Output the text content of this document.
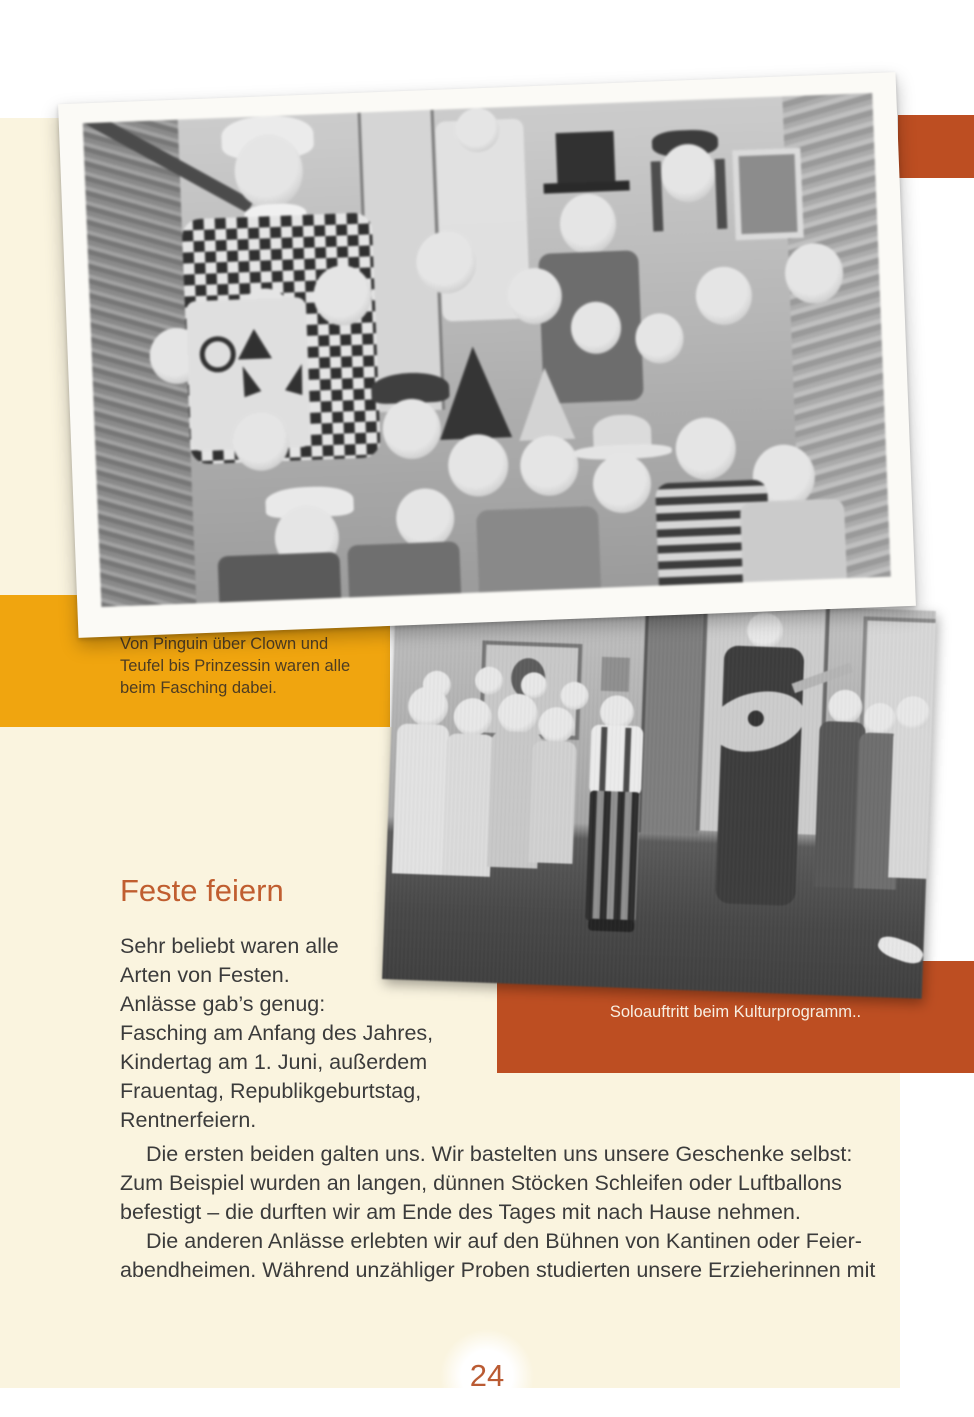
Von Pinguin über Clown und
Teufel bis Prinzessin waren alle
beim Fasching dabei.
Soloauftritt beim Kulturprogramm..
Feste feiern
Sehr beliebt waren alle
Arten von Festen.
Anlässe gab’s genug:
Fasching am Anfang des Jahres,
Kindertag am 1. Juni, außerdem
Frauentag, Republikgeburtstag,
Rentnerfeiern.
Die ersten beiden galten uns. Wir bastelten uns unsere Geschenke selbst:
Zum Beispiel wurden an langen, dünnen Stöcken Schleifen oder Luftballons
befestigt – die durften wir am Ende des Tages mit nach Hause nehmen.
Die anderen Anlässe erlebten wir auf den Bühnen von Kantinen oder Feier-
abendheimen. Während unzähliger Proben studierten unsere Erzieherinnen mit
24
